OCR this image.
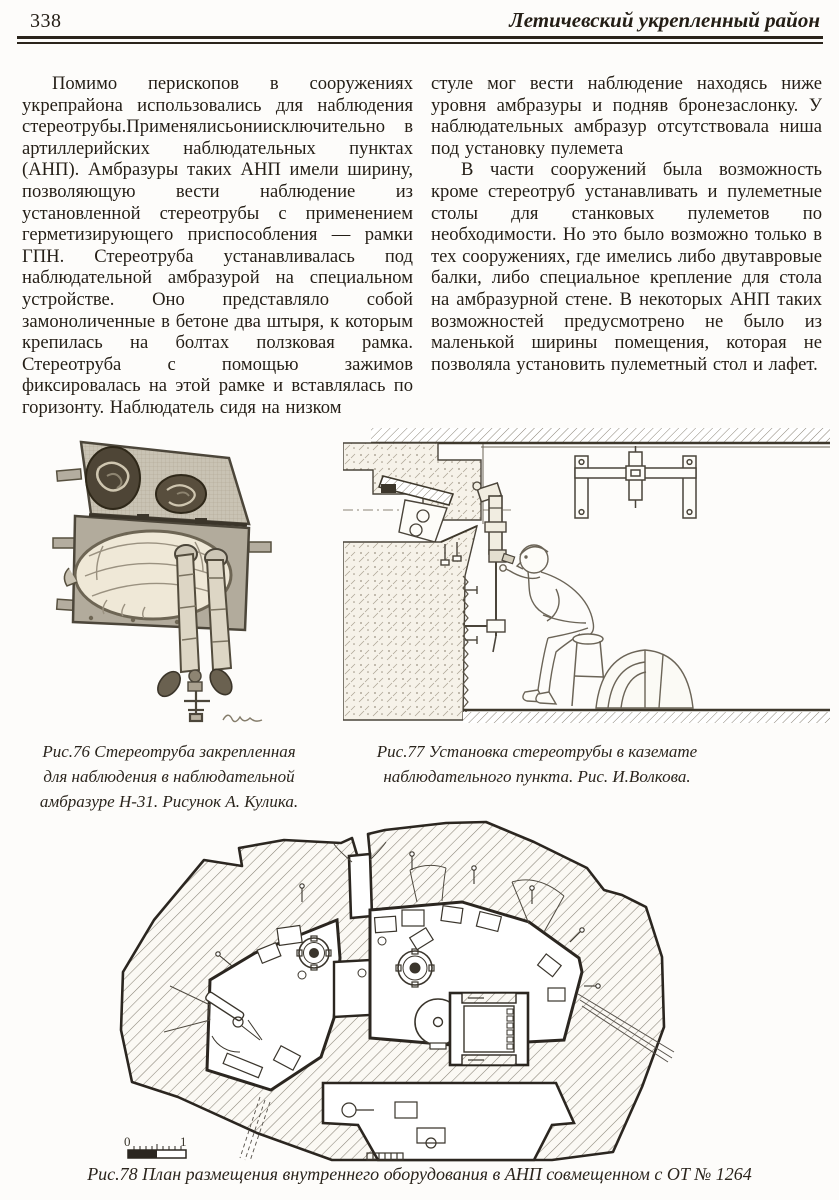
338	Летичевский укрепленный район

Помимо перископов в сооружениях укрепрайона использовались для наблюдения стереотрубы.Применялисьониисключительно в артиллерийских наблюдательных пунктах (АНП). Амбразуры таких АНП имели ширину, позволяющую вести наблюдение из установленной стереотрубы с применением герметизирующего приспособления — рамки ГПН. Стереотруба устанавливалась под наблюдательной амбразурой на специальном устройстве. Оно представляло собой замоноличенные в бетоне два штыря, к которым крепилась на болтах ползковая рамка. Стереотруба с помощью зажимов фиксировалась на этой рамке и вставлялась по горизонту. Наблюдатель сидя на низком

стуле мог вести наблюдение находясь ниже уровня амбразуры и подняв бронезаслонку. У наблюдательных амбразур отсутствовала ниша под установку пулемета

В части сооружений была возможность кроме стереотруб устанавливать и пулеметные столы для станковых пулеметов по необходимости. Но это было возможно только в тех сооружениях, где имелись либо двутавровые балки, либо специальное крепление для стола на амбразурной стене. В некоторых АНП таких возможностей предусмотрено не было из маленькой ширины помещения, которая не позволяла установить пулеметный стол и лафет.

Рис.76 Стереотруба закрепленная для наблюдения в наблюдательной амбразуре Н-31. Рисунок А. Кулика.
Рис.77 Установка стереотрубы в каземате наблюдательного пункта. Рис. И.Волкова.
0	1
Рис.78 План размещения внутреннего оборудования в АНП совмещенном с ОТ № 1264
